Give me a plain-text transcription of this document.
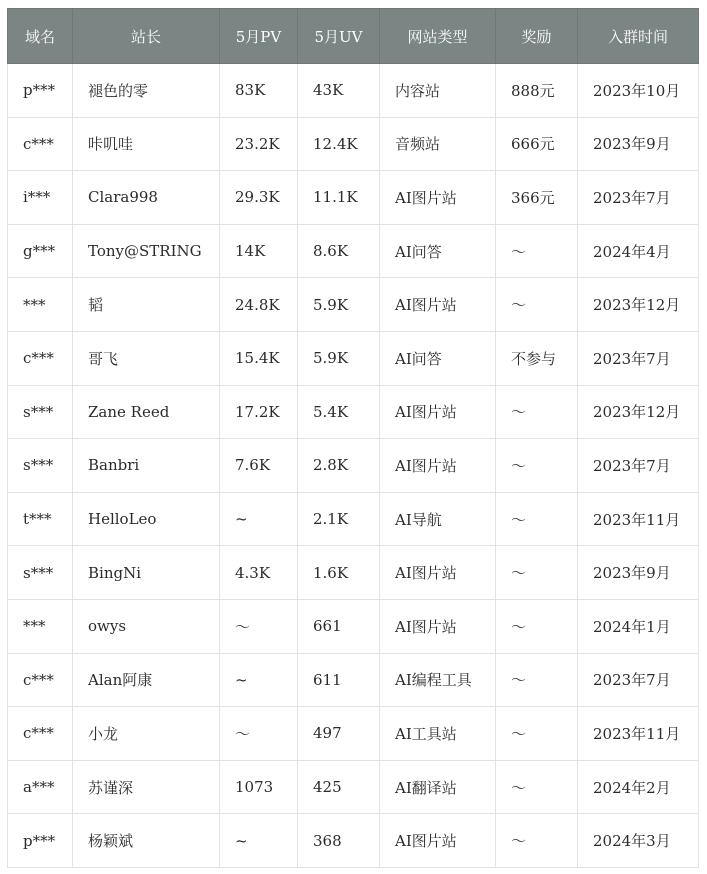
域名	站长	5月PV	5月UV	网站类型	奖励	入群时间
p***	褪色的零	83K	43K	内容站	888元	2023年10月
c***	咔叽哇	23.2K	12.4K	音频站	666元	2023年9月
i***	Clara998	29.3K	11.1K	AI图片站	366元	2023年7月
g***	Tony@STRING	14K	8.6K	AI问答	〜	2024年4月
***	韬	24.8K	5.9K	AI图片站	〜	2023年12月
c***	哥飞	15.4K	5.9K	AI问答	不参与	2023年7月
s***	Zane Reed	17.2K	5.4K	AI图片站	〜	2023年12月
s***	Banbri	7.6K	2.8K	AI图片站	〜	2023年7月
t***	HelloLeo	~	2.1K	AI导航	〜	2023年11月
s***	BingNi	4.3K	1.6K	AI图片站	〜	2023年9月
***	owys	〜	661	AI图片站	〜	2024年1月
c***	Alan阿康	~	611	AI编程工具	〜	2023年7月
c***	小龙	〜	497	AI工具站	〜	2023年11月
a***	苏谨深	1073	425	AI翻译站	〜	2024年2月
p***	杨颖斌	~	368	AI图片站	〜	2024年3月
